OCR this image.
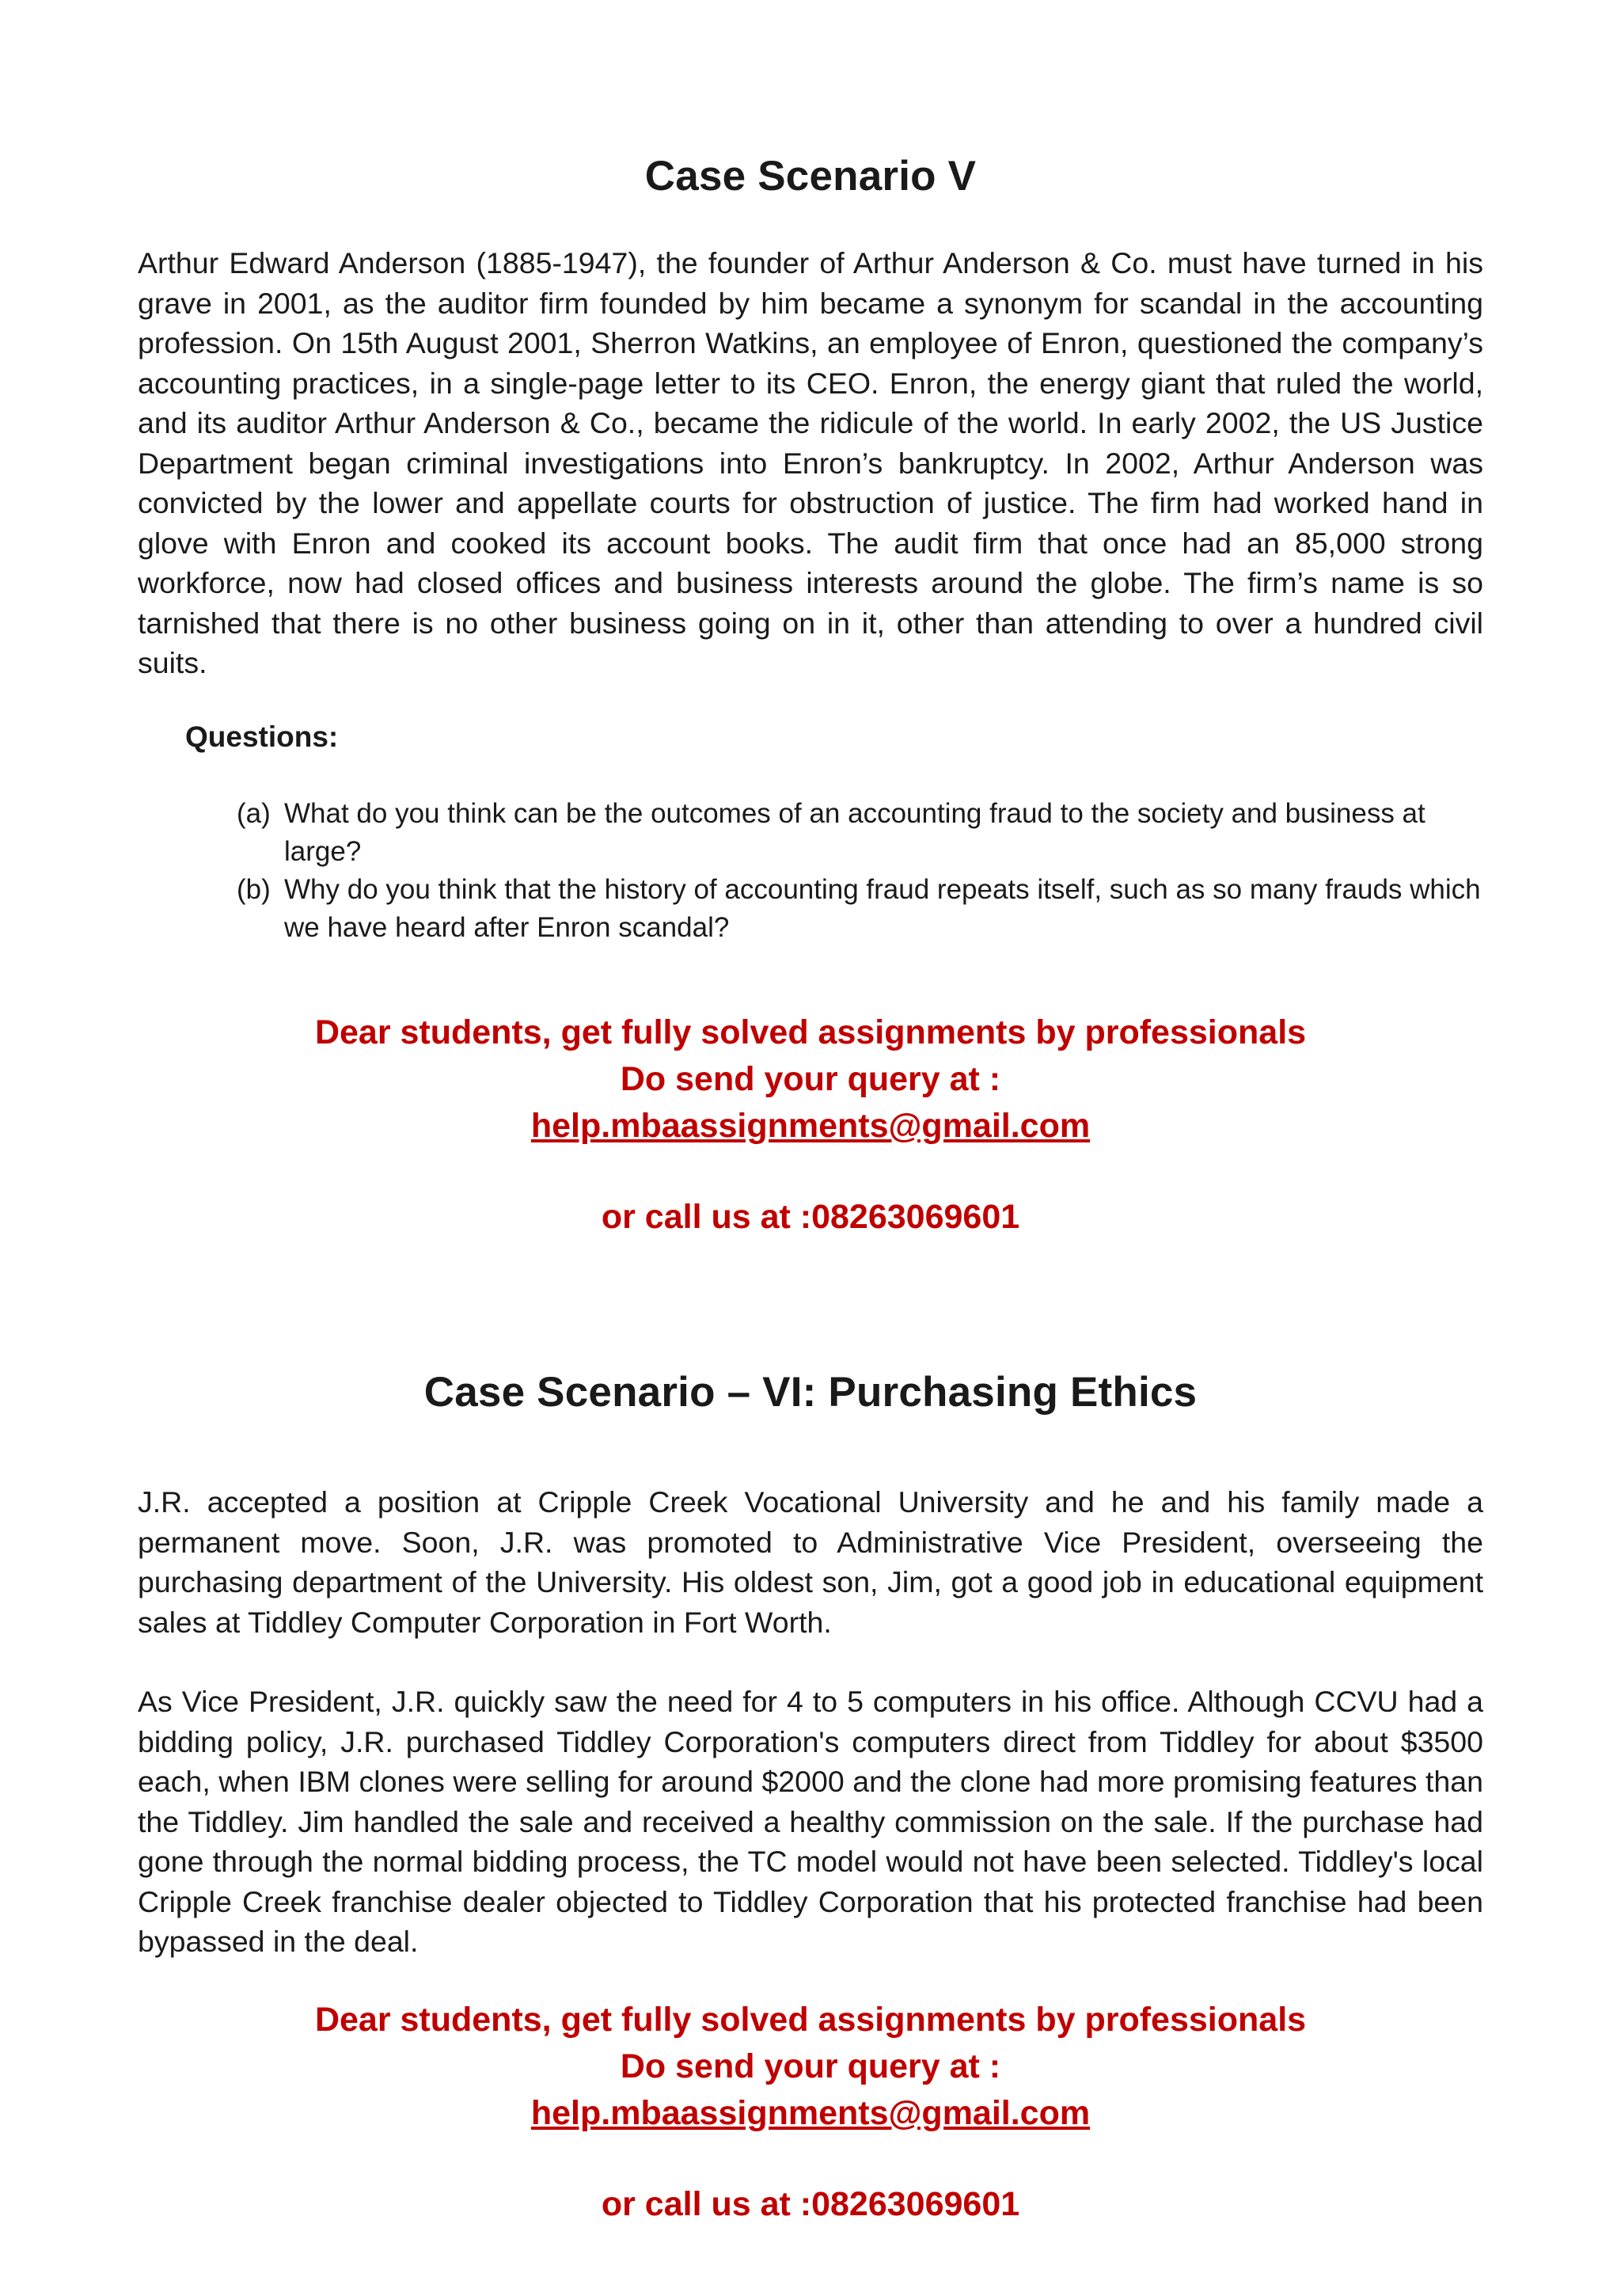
Case Scenario V

Arthur Edward Anderson (1885-1947), the founder of Arthur Anderson & Co. must have turned in his grave in 2001, as the auditor firm founded by him became a synonym for scandal in the accounting profession. On 15th August 2001, Sherron Watkins, an employee of Enron, questioned the company’s accounting practices, in a single-page letter to its CEO. Enron, the energy giant that ruled the world, and its auditor Arthur Anderson & Co., became the ridicule of the world. In early 2002, the US Justice Department began criminal investigations into Enron’s bankruptcy. In 2002, Arthur Anderson was convicted by the lower and appellate courts for obstruction of justice. The firm had worked hand in glove with Enron and cooked its account books. The audit firm that once had an 85,000 strong workforce, now had closed offices and business interests around the globe. The firm’s name is so tarnished that there is no other business going on in it, other than attending to over a hundred civil suits.

Questions:

(a) What do you think can be the outcomes of an accounting fraud to the society and business at large?
(b) Why do you think that the history of accounting fraud repeats itself, such as so many frauds which we have heard after Enron scandal?
Dear students, get fully solved assignments by professionals
Do send your query at :
help.mbaassignments@gmail.com
or call us at :08263069601
Case Scenario – VI: Purchasing Ethics

J.R. accepted a position at Cripple Creek Vocational University and he and his family made a permanent move. Soon, J.R. was promoted to Administrative Vice President, overseeing the purchasing department of the University. His oldest son, Jim, got a good job in educational equipment sales at Tiddley Computer Corporation in Fort Worth.

As Vice President, J.R. quickly saw the need for 4 to 5 computers in his office. Although CCVU had a bidding policy, J.R. purchased Tiddley Corporation's computers direct from Tiddley for about $3500 each, when IBM clones were selling for around $2000 and the clone had more promising features than the Tiddley. Jim handled the sale and received a healthy commission on the sale. If the purchase had gone through the normal bidding process, the TC model would not have been selected. Tiddley's local Cripple Creek franchise dealer objected to Tiddley Corporation that his protected franchise had been bypassed in the deal.

Dear students, get fully solved assignments by professionals
Do send your query at :
help.mbaassignments@gmail.com
or call us at :08263069601
